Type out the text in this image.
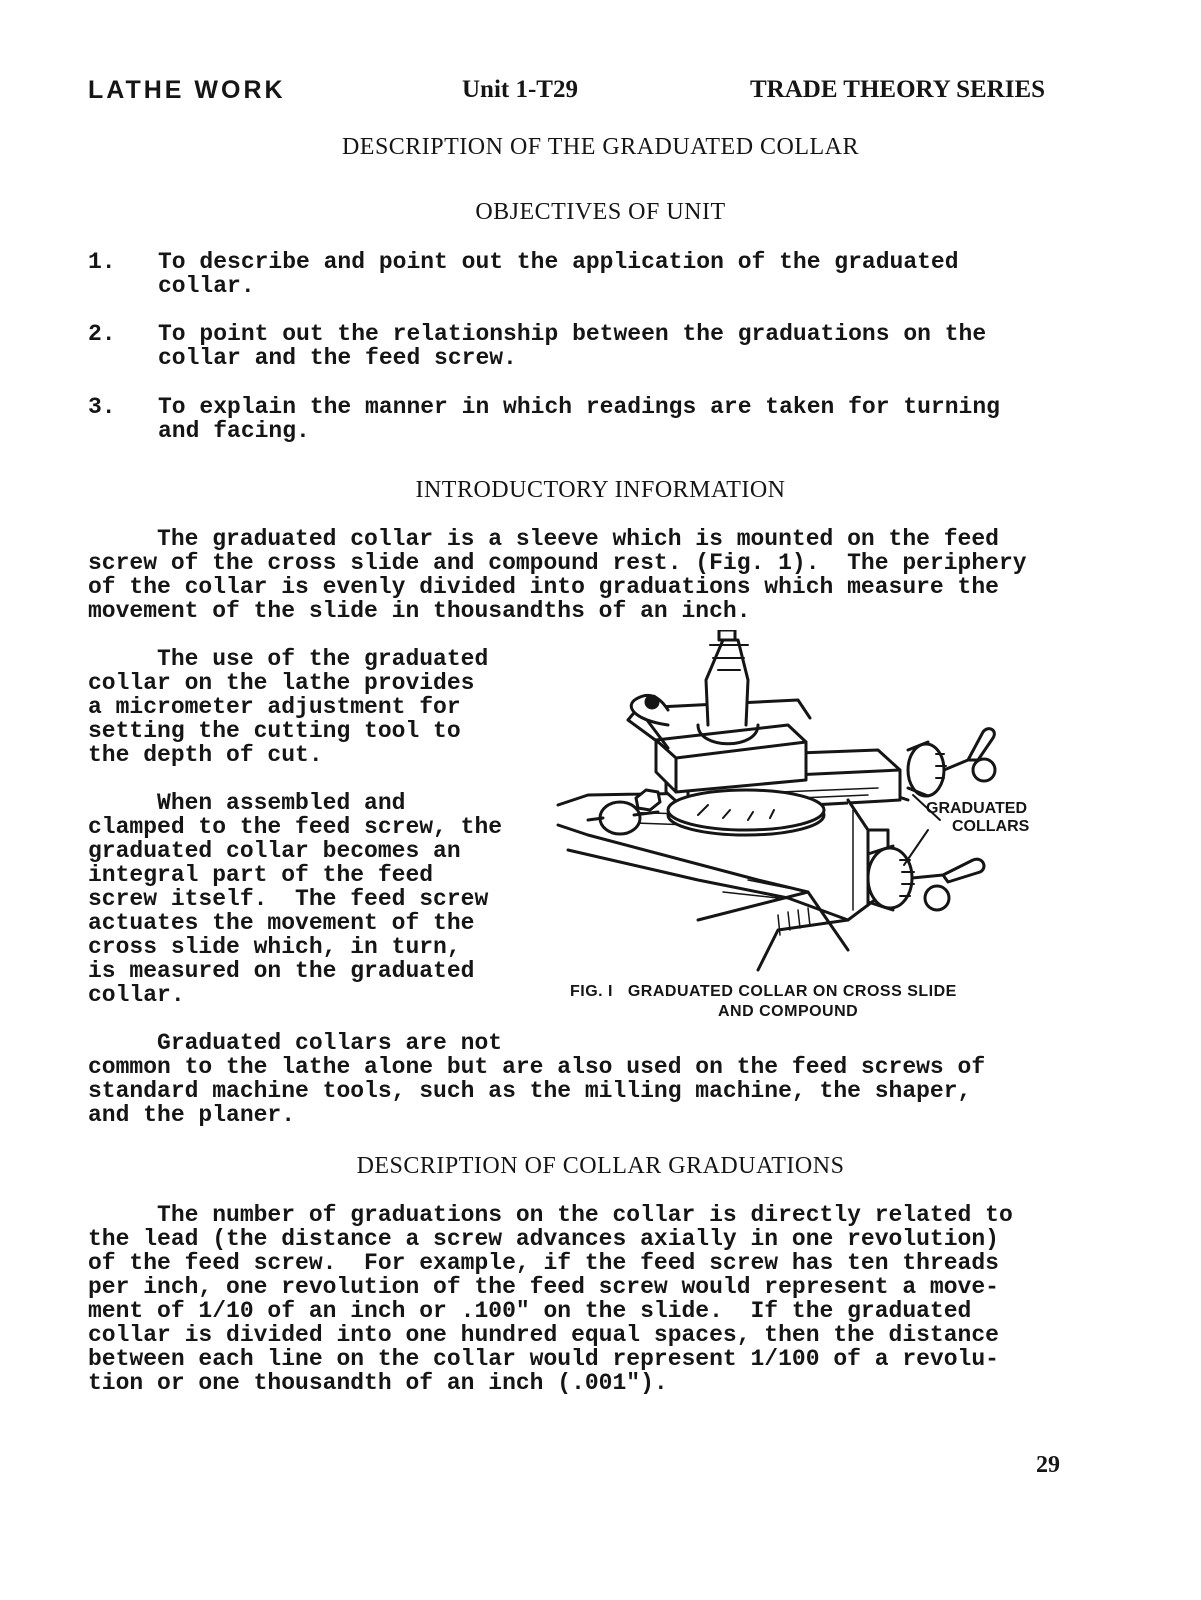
LATHE WORK	Unit 1-T29	TRADE THEORY SERIES
DESCRIPTION OF THE GRADUATED COLLAR
OBJECTIVES OF UNIT
1. To describe and point out the application of the graduated
collar.
2. To point out the relationship between the graduations on the
collar and the feed screw.
3. To explain the manner in which readings are taken for turning
and facing.
INTRODUCTORY INFORMATION
The graduated collar is a sleeve which is mounted on the feed
screw of the cross slide and compound rest. (Fig. 1).  The periphery
of the collar is evenly divided into graduations which measure the
movement of the slide in thousandths of an inch.
The use of the graduated
collar on the lathe provides
a micrometer adjustment for
setting the cutting tool to
the depth of cut.
When assembled and
clamped to the feed screw, the
graduated collar becomes an
integral part of the feed
screw itself.  The feed screw
actuates the movement of the
cross slide which, in turn,
is measured on the graduated
collar.
GRADUATED
COLLARS
FIG. I   GRADUATED COLLAR ON CROSS SLIDE
AND COMPOUND
Graduated collars are not
common to the lathe alone but are also used on the feed screws of
standard machine tools, such as the milling machine, the shaper,
and the planer.
DESCRIPTION OF COLLAR GRADUATIONS
The number of graduations on the collar is directly related to
the lead (the distance a screw advances axially in one revolution)
of the feed screw.  For example, if the feed screw has ten threads
per inch, one revolution of the feed screw would represent a move-
ment of 1/10 of an inch or .100" on the slide.  If the graduated
collar is divided into one hundred equal spaces, then the distance
between each line on the collar would represent 1/100 of a revolu-
tion or one thousandth of an inch (.001").
29
